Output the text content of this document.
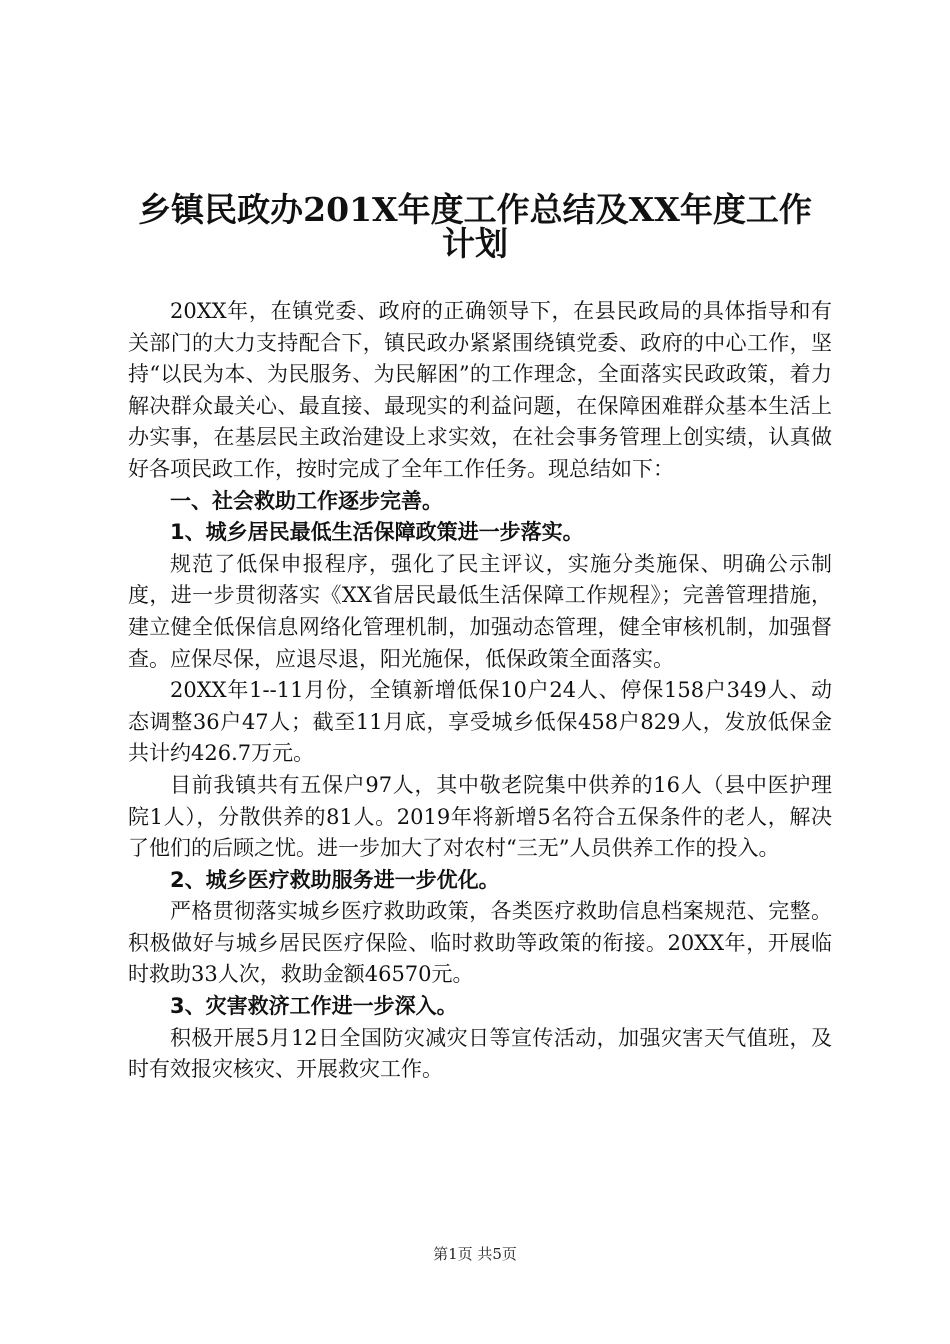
乡镇民政办201X年度工作总结及XX年度工作
计划

20XX年，在镇党委、政府的正确领导下，在县民政局的具体指导和有关部门的大力支持配合下，镇民政办紧紧围绕镇党委、政府的中心工作，坚持“以民为本、为民服务、为民解困”的工作理念，全面落实民政政策，着力解决群众最关心、最直接、最现实的利益问题，在保障困难群众基本生活上办实事，在基层民主政治建设上求实效，在社会事务管理上创实绩，认真做好各项民政工作，按时完成了全年工作任务。现总结如下：

一、社会救助工作逐步完善。

1、城乡居民最低生活保障政策进一步落实。

规范了低保申报程序，强化了民主评议，实施分类施保、明确公示制度，进一步贯彻落实《XX省居民最低生活保障工作规程》；完善管理措施，建立健全低保信息网络化管理机制，加强动态管理，健全审核机制，加强督查。应保尽保，应退尽退，阳光施保，低保政策全面落实。

20XX年1--11月份，全镇新增低保10户24人、停保158户349人、动态调整36户47人；截至11月底，享受城乡低保458户829人，发放低保金共计约426.7万元。

目前我镇共有五保户97人，其中敬老院集中供养的16人（县中医护理院1人），分散供养的81人。2019年将新增5名符合五保条件的老人，解决了他们的后顾之忧。进一步加大了对农村“三无”人员供养工作的投入。

2、城乡医疗救助服务进一步优化。

严格贯彻落实城乡医疗救助政策，各类医疗救助信息档案规范、完整。积极做好与城乡居民医疗保险、临时救助等政策的衔接。20XX年，开展临时救助33人次，救助金额46570元。

3、灾害救济工作进一步深入。

积极开展5月12日全国防灾减灾日等宣传活动，加强灾害天气值班，及时有效报灾核灾、开展救灾工作。

第1页 共5页
